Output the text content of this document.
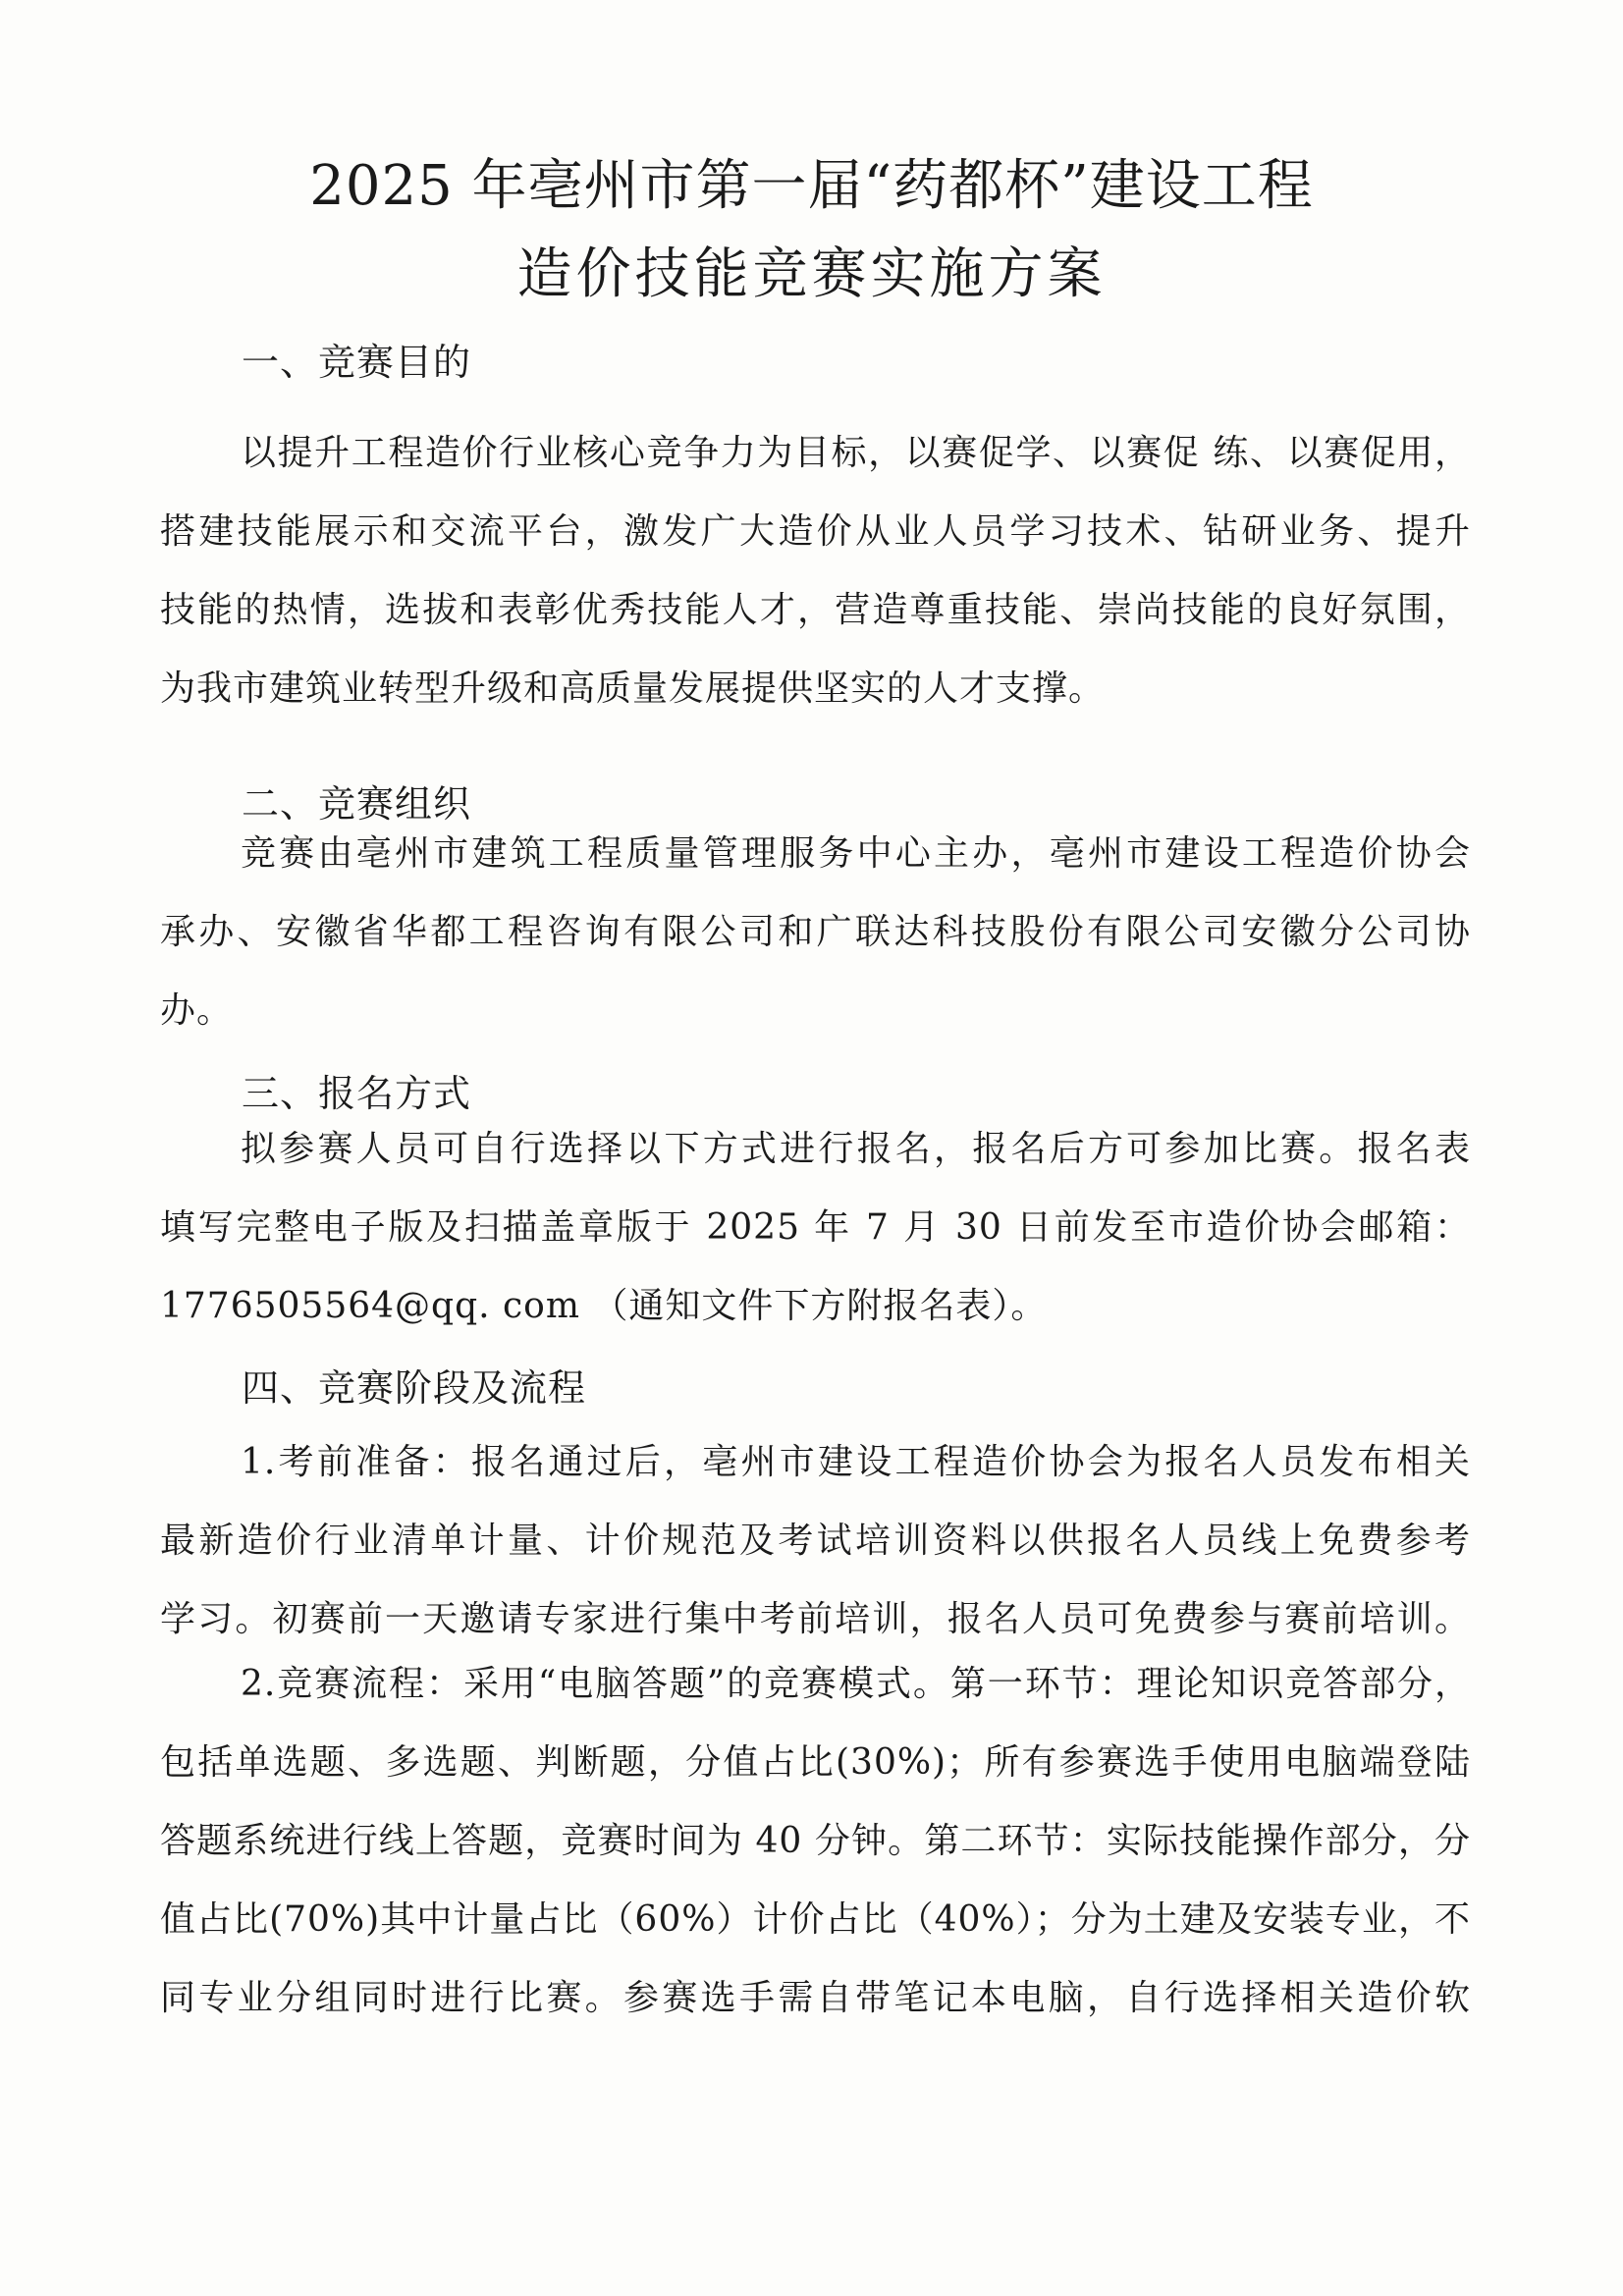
2025 年亳州市第一届“药都杯”建设工程
造价技能竞赛实施方案
一、竞赛目的
以提升工程造价行业核心竞争力为目标，以赛促学、以赛促 练、以赛促用，
搭建技能展示和交流平台，激发广大造价从业人员学习技术、钻研业务、提升
技能的热情，选拔和表彰优秀技能人才，营造尊重技能、崇尚技能的良好氛围，
为我市建筑业转型升级和高质量发展提供坚实的人才支撑。
二、竞赛组织
竞赛由亳州市建筑工程质量管理服务中心主办，亳州市建设工程造价协会
承办、安徽省华都工程咨询有限公司和广联达科技股份有限公司安徽分公司协
办。
三、报名方式
拟参赛人员可自行选择以下方式进行报名，报名后方可参加比赛。报名表
填写完整电子版及扫描盖章版于 2025 年 7 月 30 日前发至市造价协会邮箱：
1776505564@qq. com （通知文件下方附报名表）。
四、竞赛阶段及流程
1.考前准备：报名通过后，亳州市建设工程造价协会为报名人员发布相关
最新造价行业清单计量、计价规范及考试培训资料以供报名人员线上免费参考
学习。初赛前一天邀请专家进行集中考前培训，报名人员可免费参与赛前培训。
2.竞赛流程：采用“电脑答题”的竞赛模式。第一环节：理论知识竞答部分，
包括单选题、多选题、判断题，分值占比(30%)；所有参赛选手使用电脑端登陆
答题系统进行线上答题，竞赛时间为 40 分钟。第二环节：实际技能操作部分，分
值占比(70%)其中计量占比（60%）计价占比（40%）；分为土建及安装专业，不
同专业分组同时进行比赛。参赛选手需自带笔记本电脑，自行选择相关造价软
